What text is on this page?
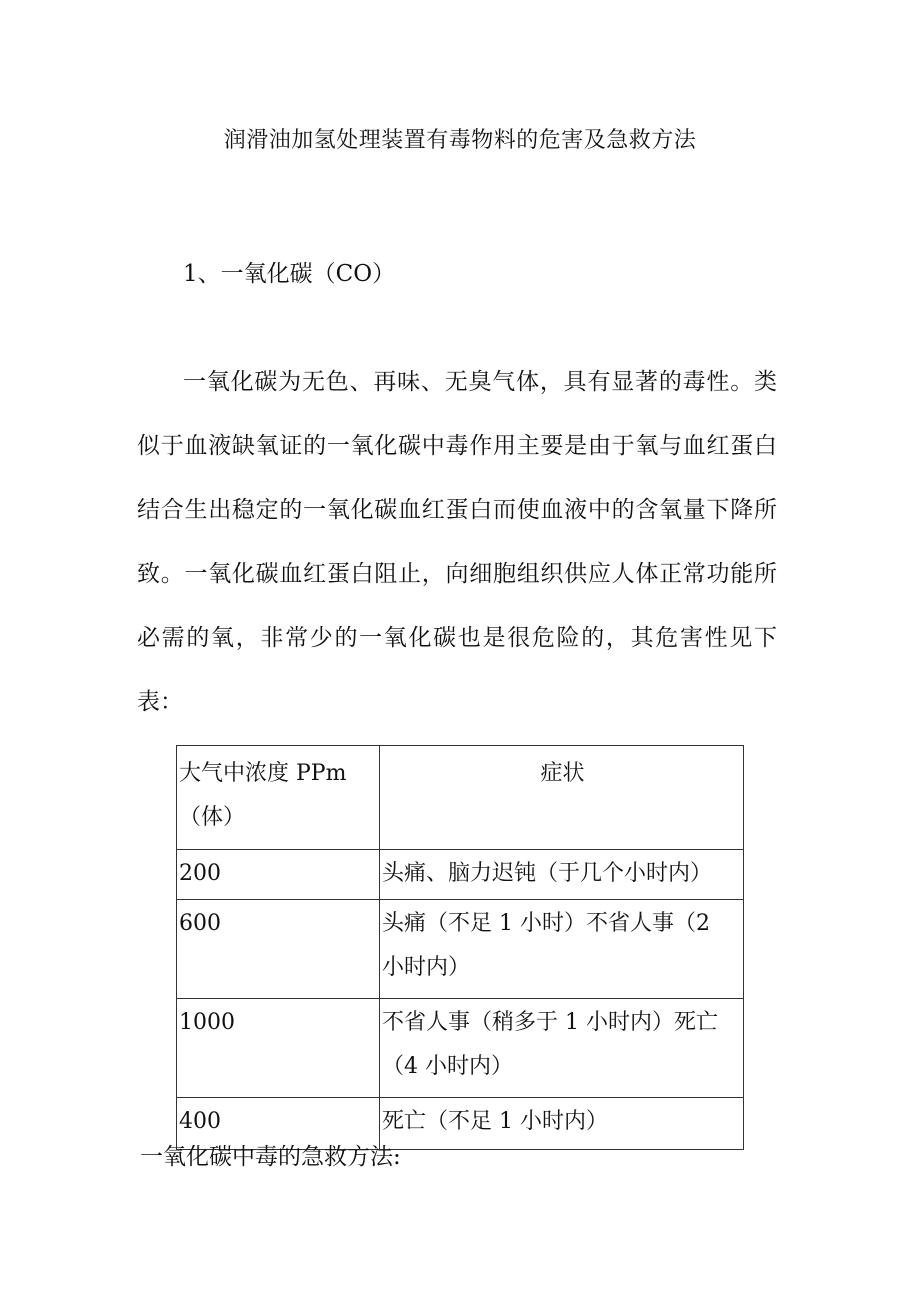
润滑油加氢处理装置有毒物料的危害及急救方法
1、一氧化碳（CO）

一氧化碳为无色、再味、无臭气体，具有显著的毒性。类似于血液缺氧证的一氧化碳中毒作用主要是由于氧与血红蛋白结合生出稳定的一氧化碳血红蛋白而使血液中的含氧量下降所致。一氧化碳血红蛋白阻止，向细胞组织供应人体正常功能所必需的氧，非常少的一氧化碳也是很危险的，其危害性见下表：

大气中浓度 PPm（体）	症状
200	头痛、脑力迟钝（于几个小时内）
600	头痛（不足 1 小时）不省人事（2 小时内）
1000	不省人事（稍多于 1 小时内）死亡（4 小时内）
400	死亡（不足 1 小时内）
一氧化碳中毒的急救方法:
